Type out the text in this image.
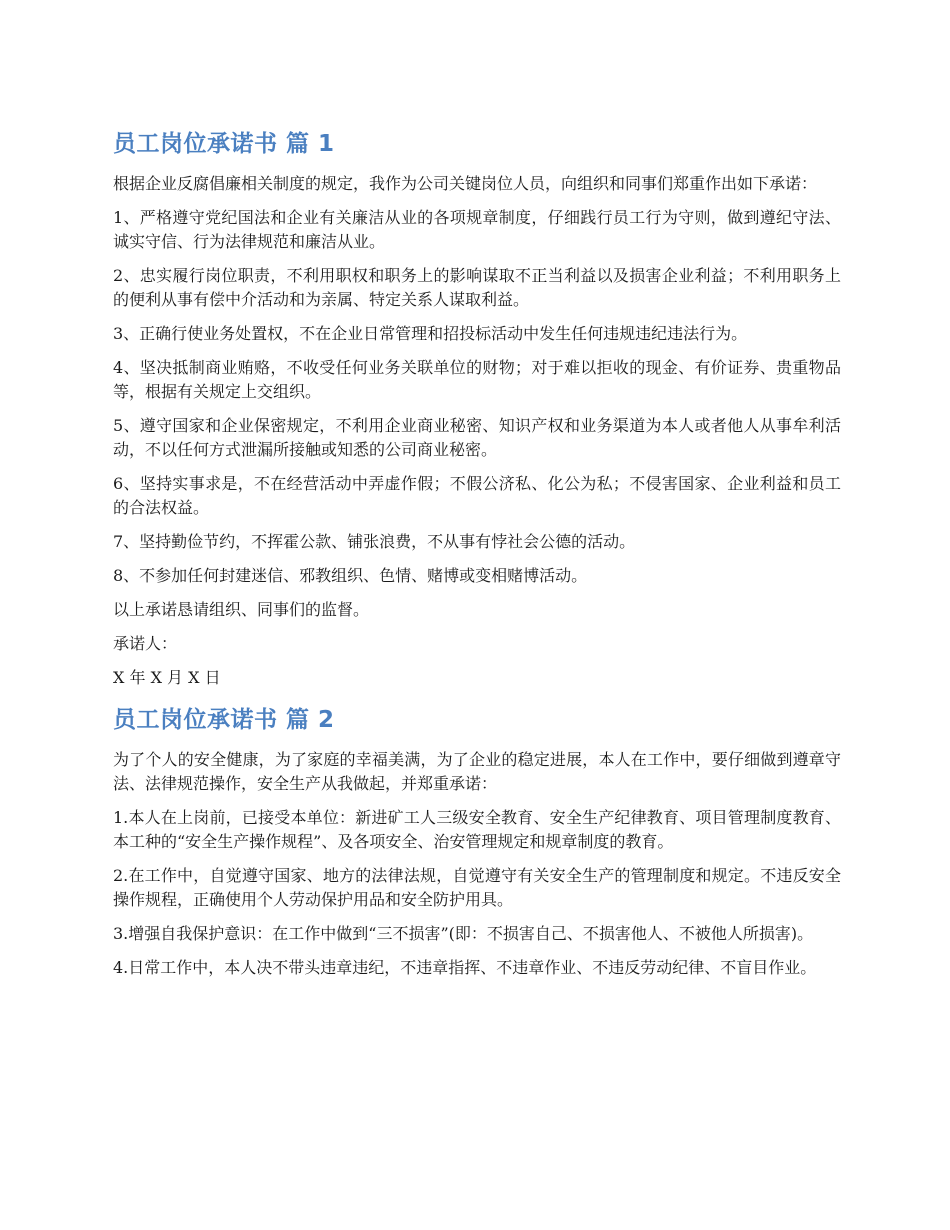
员工岗位承诺书 篇 1

根据企业反腐倡廉相关制度的规定，我作为公司关键岗位人员，向组织和同事们郑重作出如下承诺：

1、严格遵守党纪国法和企业有关廉洁从业的各项规章制度，仔细践行员工行为守则，做到遵纪守法、诚实守信、行为法律规范和廉洁从业。

2、忠实履行岗位职责，不利用职权和职务上的影响谋取不正当利益以及损害企业利益；不利用职务上的便利从事有偿中介活动和为亲属、特定关系人谋取利益。

3、正确行使业务处置权，不在企业日常管理和招投标活动中发生任何违规违纪违法行为。

4、坚决抵制商业贿赂，不收受任何业务关联单位的财物；对于难以拒收的现金、有价证券、贵重物品等，根据有关规定上交组织。

5、遵守国家和企业保密规定，不利用企业商业秘密、知识产权和业务渠道为本人或者他人从事牟利活动，不以任何方式泄漏所接触或知悉的公司商业秘密。

6、坚持实事求是，不在经营活动中弄虚作假；不假公济私、化公为私；不侵害国家、企业利益和员工的合法权益。

7、坚持勤俭节约，不挥霍公款、铺张浪费，不从事有悖社会公德的活动。

8、不参加任何封建迷信、邪教组织、色情、赌博或变相赌博活动。

以上承诺恳请组织、同事们的监督。

承诺人：

X 年 X 月 X 日

员工岗位承诺书 篇 2

为了个人的安全健康，为了家庭的幸福美满，为了企业的稳定进展，本人在工作中，要仔细做到遵章守法、法律规范操作，安全生产从我做起，并郑重承诺：

1.本人在上岗前，已接受本单位：新进矿工人三级安全教育、安全生产纪律教育、项目管理制度教育、本工种的“安全生产操作规程”、及各项安全、治安管理规定和规章制度的教育。

2.在工作中，自觉遵守国家、地方的法律法规，自觉遵守有关安全生产的管理制度和规定。不违反安全操作规程，正确使用个人劳动保护用品和安全防护用具。

3.增强自我保护意识：在工作中做到“三不损害”(即：不损害自己、不损害他人、不被他人所损害)。

4.日常工作中，本人决不带头违章违纪，不违章指挥、不违章作业、不违反劳动纪律、不盲目作业。
